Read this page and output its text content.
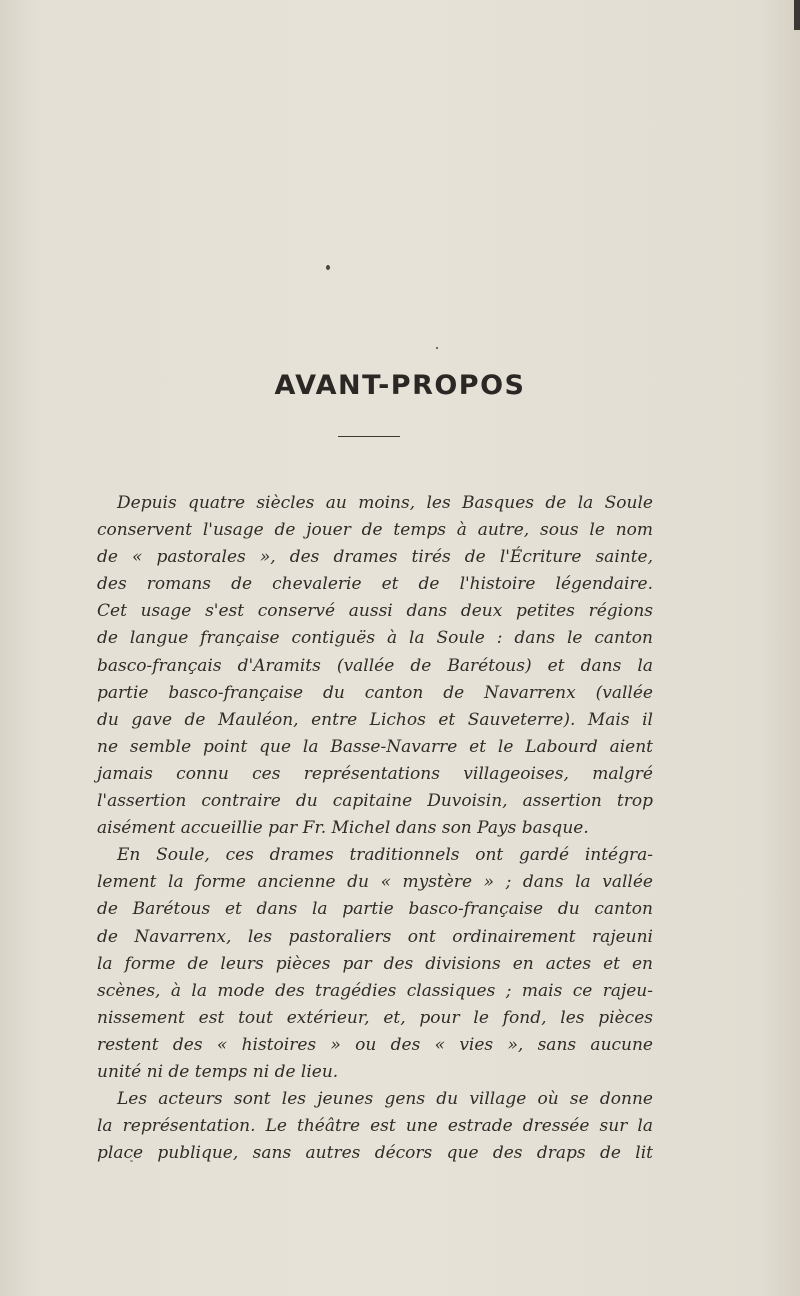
AVANT-PROPOS
Depuis quatre siècles au moins, les Basques de la Soule
conservent l'usage de jouer de temps à autre, sous le nom
de « pastorales », des drames tirés de l'Écriture sainte,
des romans de chevalerie et de l'histoire légendaire.
Cet usage s'est conservé aussi dans deux petites régions
de langue française contiguës à la Soule : dans le canton
basco-français d'Aramits (vallée de Barétous) et dans la
partie basco-française du canton de Navarrenx (vallée
du gave de Mauléon, entre Lichos et Sauveterre). Mais il
ne semble point que la Basse-Navarre et le Labourd aient
jamais connu ces représentations villageoises, malgré
l'assertion contraire du capitaine Duvoisin, assertion trop
aisément accueillie par Fr. Michel dans son Pays basque.
En Soule, ces drames traditionnels ont gardé intégra-
lement la forme ancienne du « mystère » ; dans la vallée
de Barétous et dans la partie basco-française du canton
de Navarrenx, les pastoraliers ont ordinairement rajeuni
la forme de leurs pièces par des divisions en actes et en
scènes, à la mode des tragédies classiques ; mais ce rajeu-
nissement est tout extérieur, et, pour le fond, les pièces
restent des « histoires » ou des « vies », sans aucune
unité ni de temps ni de lieu.
Les acteurs sont les jeunes gens du village où se donne
la représentation. Le théâtre est une estrade dressée sur la
place publique, sans autres décors que des draps de lit
